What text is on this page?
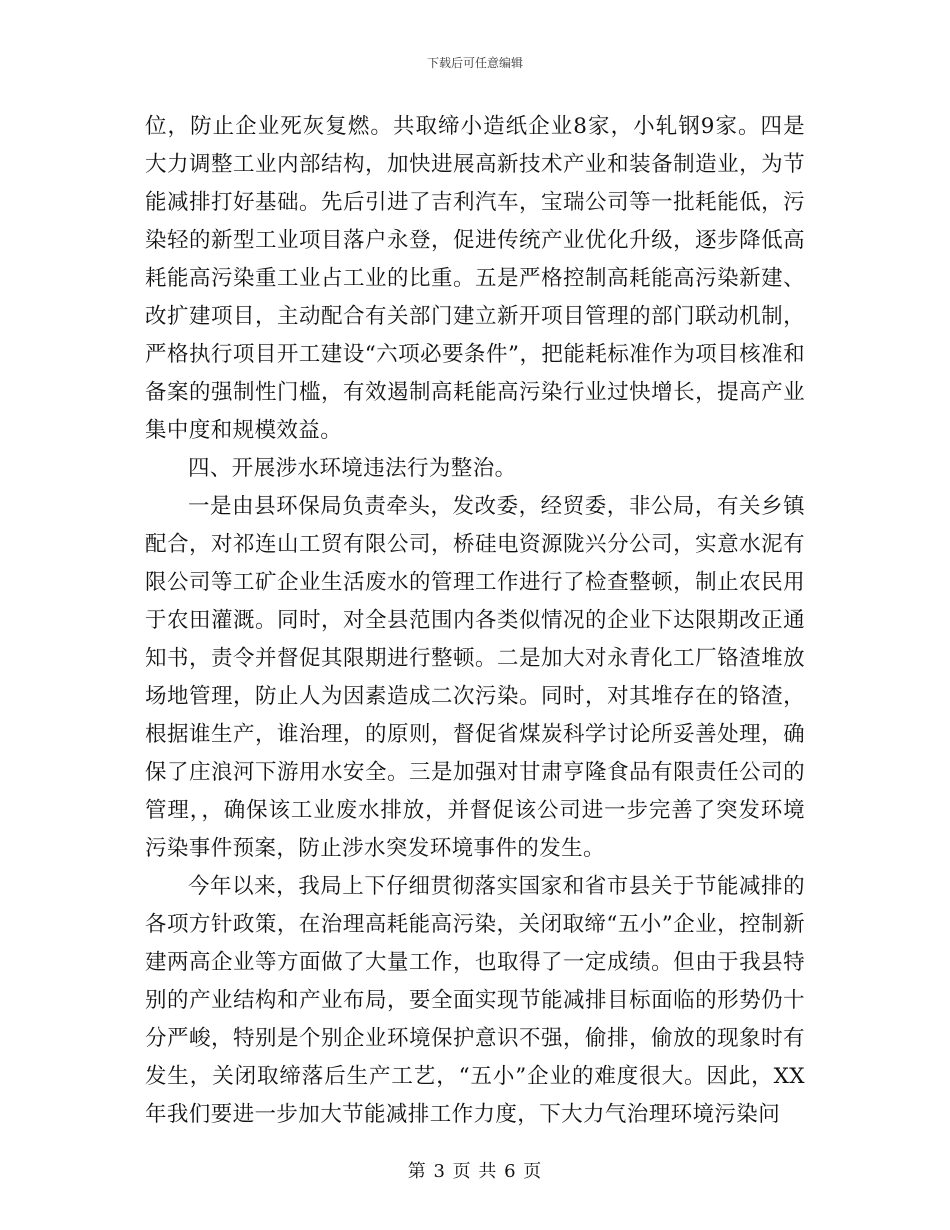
下载后可任意编辑

位，防止企业死灰复燃。共取缔小造纸企业8家，小轧钢9家。四是大力调整工业内部结构，加快进展高新技术产业和装备制造业，为节能减排打好基础。先后引进了吉利汽车，宝瑞公司等一批耗能低，污染轻的新型工业项目落户永登，促进传统产业优化升级，逐步降低高耗能高污染重工业占工业的比重。五是严格控制高耗能高污染新建、改扩建项目，主动配合有关部门建立新开项目管理的部门联动机制，严格执行项目开工建设“六项必要条件”，把能耗标准作为项目核准和备案的强制性门槛，有效遏制高耗能高污染行业过快增长，提高产业集中度和规模效益。

四、开展涉水环境违法行为整治。

一是由县环保局负责牵头，发改委，经贸委，非公局，有关乡镇配合，对祁连山工贸有限公司，桥硅电资源陇兴分公司，实意水泥有限公司等工矿企业生活废水的管理工作进行了检查整顿，制止农民用于农田灌溉。同时，对全县范围内各类似情况的企业下达限期改正通知书，责令并督促其限期进行整顿。二是加大对永青化工厂铬渣堆放场地管理，防止人为因素造成二次污染。同时，对其堆存在的铬渣，根据谁生产，谁治理，的原则，督促省煤炭科学讨论所妥善处理，确保了庄浪河下游用水安全。三是加强对甘肃亨隆食品有限责任公司的管理，，确保该工业废水排放，并督促该公司进一步完善了突发环境污染事件预案，防止涉水突发环境事件的发生。

今年以来，我局上下仔细贯彻落实国家和省市县关于节能减排的各项方针政策，在治理高耗能高污染，关闭取缔“五小”企业，控制新建两高企业等方面做了大量工作，也取得了一定成绩。但由于我县特别的产业结构和产业布局，要全面实现节能减排目标面临的形势仍十分严峻，特别是个别企业环境保护意识不强，偷排，偷放的现象时有发生，关闭取缔落后生产工艺，“五小”企业的难度很大。因此，XX年我们要进一步加大节能减排工作力度，下大力气治理环境污染问

第 3 页 共 6 页
